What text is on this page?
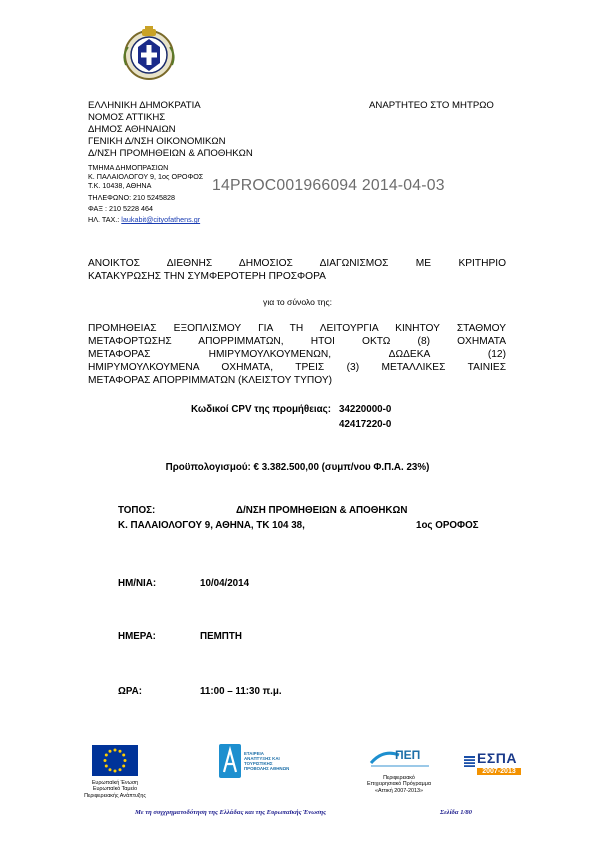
ΕΛΛΗΝΙΚΗ ΔΗΜΟΚΡΑΤΙΑ
ΝΟΜΟΣ ΑΤΤΙΚΗΣ
ΔΗΜΟΣ ΑΘΗΝΑΙΩΝ
ΓΕΝΙΚΗ Δ/ΝΣΗ ΟΙΚΟΝΟΜΙΚΩΝ
Δ/ΝΣΗ ΠΡΟΜΗΘΕΙΩΝ & ΑΠΟΘΗΚΩΝ
ΤΜΗΜΑ ΔΗΜΟΠΡΑΣΙΩΝ
Κ. ΠΑΛΑΙΟΛΟΓΟΥ 9, 1ος ΟΡΟΦΟΣ
Τ.Κ. 10438, ΑΘΗΝΑ
ΤΗΛΕΦΩΝΟ: 210 5245828
ΦΑΞ : 210 5228 464
ΗΛ. ΤΑΧ.: laukabit@cityofathens.gr
ΑΝΑΡΤΗΤΕΟ ΣΤΟ ΜΗΤΡΩΟ
14PROC001966094 2014-04-03
ΑΝΟΙΚΤΟΣ ΔΙΕΘΝΗΣ ΔΗΜΟΣΙΟΣ ΔΙΑΓΩΝΙΣΜΟΣ ΜΕ ΚΡΙΤΗΡΙΟ
ΚΑΤΑΚΥΡΩΣΗΣ ΤΗΝ ΣΥΜΦΕΡΟΤΕΡΗ ΠΡΟΣΦΟΡΑ
για το σύνολο της:
ΠΡΟΜΗΘΕΙΑΣ ΕΞΟΠΛΙΣΜΟΥ ΓΙΑ ΤΗ ΛΕΙΤΟΥΡΓΙΑ ΚΙΝΗΤΟΥ ΣΤΑΘΜΟΥ
ΜΕΤΑΦΟΡΤΩΣΗΣ ΑΠΟΡΡΙΜΜΑΤΩΝ, ΗΤΟΙ ΟΚΤΩ (8) ΟΧΗΜΑΤΑ
ΜΕΤΑΦΟΡΑΣ ΗΜΙΡΥΜΟΥΛΚΟΥΜΕΝΩΝ, ΔΩΔΕΚΑ (12)
ΗΜΙΡΥΜΟΥΛΚΟΥΜΕΝΑ ΟΧΗΜΑΤΑ, ΤΡΕΙΣ (3) ΜΕΤΑΛΛΙΚΕΣ ΤΑΙΝΙΕΣ
ΜΕΤΑΦΟΡΑΣ ΑΠΟΡΡΙΜΜΑΤΩΝ (ΚΛΕΙΣΤΟΥ ΤΥΠΟΥ)
Κωδικοί CPV της προμήθειας: 34220000-0
42417220-0
Προϋπολογισμού: € 3.382.500,00 (συμπ/νου Φ.Π.Α. 23%)
ΤΟΠΟΣ:	Δ/ΝΣΗ ΠΡΟΜΗΘΕΙΩΝ & ΑΠΟΘΗΚΩΝ
Κ. ΠΑΛΑΙΟΛΟΓΟΥ 9, ΑΘΗΝΑ, ΤΚ 104 38,	1ος ΟΡΟΦΟΣ
ΗΜ/ΝΙΑ:	10/04/2014
ΗΜΕΡΑ:	ΠΕΜΠΤΗ
ΩΡΑ:	11:00 – 11:30 π.μ.
Ευρωπαϊκή Ένωση
Ευρωπαϊκό Ταμείο
Περιφερειακής Ανάπτυξης
ΕΤΑΙΡΕΙΑ ΑΝΑΠΤΥΞΗΣ ΚΑΙ ΤΟΥΡΙΣΤΙΚΗΣ ΠΡΟΒΟΛΗΣ ΑΘΗΝΩΝ
ΠΕΠ
Περιφερειακό
Επιχειρησιακό Πρόγραμμα
«Αττική 2007-2013»
ΕΣΠΑ
2007-2013
Με τη συγχρηματοδότηση της Ελλάδας και της Ευρωπαϊκής Ένωσης	Σελίδα 1/80
